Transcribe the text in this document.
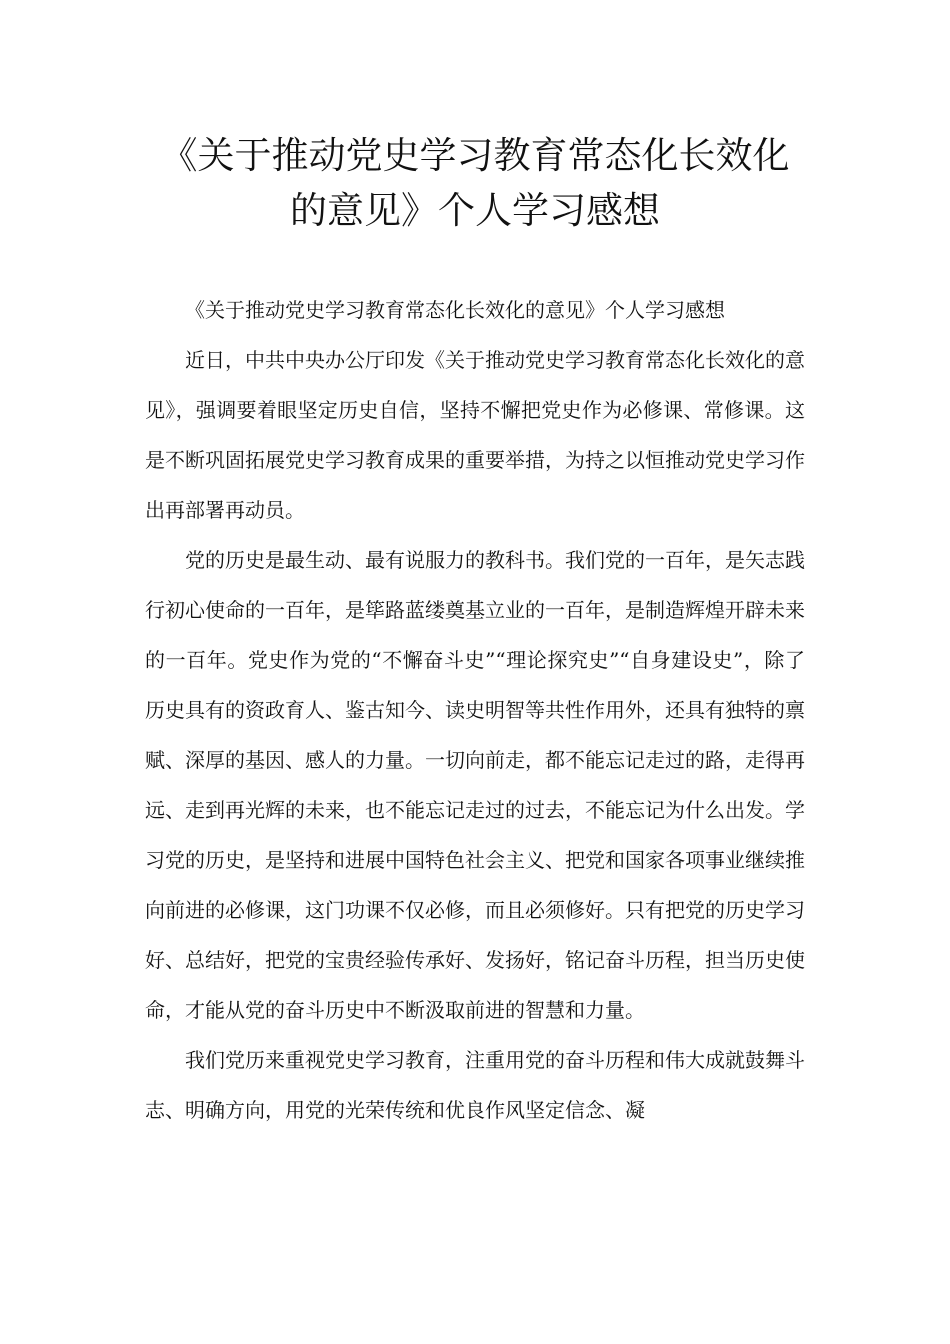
《关于推动党史学习教育常态化长效化
的意见》个人学习感想

《关于推动党史学习教育常态化长效化的意见》个人学习感想

近日，中共中央办公厅印发《关于推动党史学习教育常态化长效化的意见》，强调要着眼坚定历史自信，坚持不懈把党史作为必修课、常修课。这是不断巩固拓展党史学习教育成果的重要举措，为持之以恒推动党史学习作出再部署再动员。

党的历史是最生动、最有说服力的教科书。我们党的一百年，是矢志践行初心使命的一百年，是筚路蓝缕奠基立业的一百年，是制造辉煌开辟未来的一百年。党史作为党的“不懈奋斗史”“理论探究史”“自身建设史”，除了历史具有的资政育人、鉴古知今、读史明智等共性作用外，还具有独特的禀赋、深厚的基因、感人的力量。一切向前走，都不能忘记走过的路，走得再远、走到再光辉的未来，也不能忘记走过的过去，不能忘记为什么出发。学习党的历史，是坚持和进展中国特色社会主义、把党和国家各项事业继续推向前进的必修课，这门功课不仅必修，而且必须修好。只有把党的历史学习好、总结好，把党的宝贵经验传承好、发扬好，铭记奋斗历程，担当历史使命，才能从党的奋斗历史中不断汲取前进的智慧和力量。

我们党历来重视党史学习教育，注重用党的奋斗历程和伟大成就鼓舞斗志、明确方向，用党的光荣传统和优良作风坚定信念、凝
